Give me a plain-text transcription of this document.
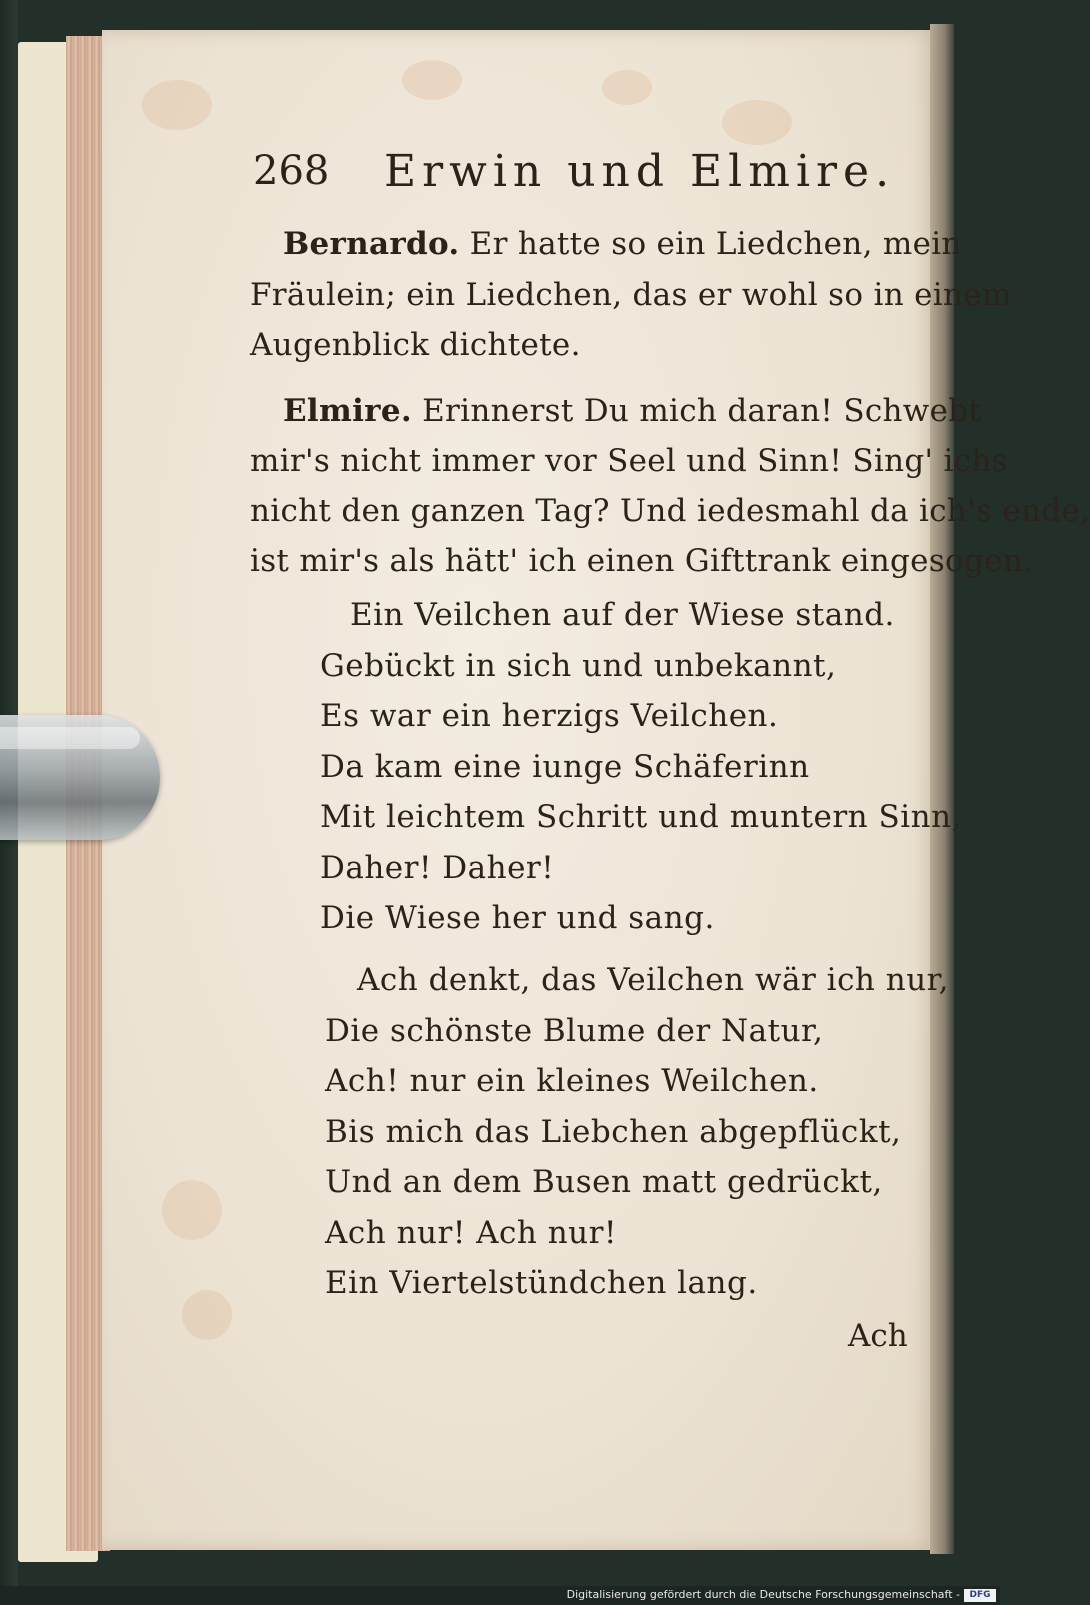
268 Erwin und Elmire.
Bernardo. Er hatte so ein Liedchen, mein
Fräulein; ein Liedchen, das er wohl so in einem
Augenblick dichtete.
Elmire. Erinnerst Du mich daran! Schwebt
mir's nicht immer vor Seel und Sinn! Sing' ichs
nicht den ganzen Tag? Und iedesmahl da ich's ende,
ist mir's als hätt' ich einen Gifttrank eingesogen.
Ein Veilchen auf der Wiese stand.
Gebückt in sich und unbekannt,
Es war ein herzigs Veilchen.
Da kam eine iunge Schäferinn
Mit leichtem Schritt und muntern Sinn,
Daher! Daher!
Die Wiese her und sang.
Ach denkt, das Veilchen wär ich nur,
Die schönste Blume der Natur,
Ach! nur ein kleines Weilchen.
Bis mich das Liebchen abgepflückt,
Und an dem Busen matt gedrückt,
Ach nur! Ach nur!
Ein Viertelstündchen lang.
Ach
Digitalisierung gefördert durch die Deutsche Forschungsgemeinschaft -	DFG
